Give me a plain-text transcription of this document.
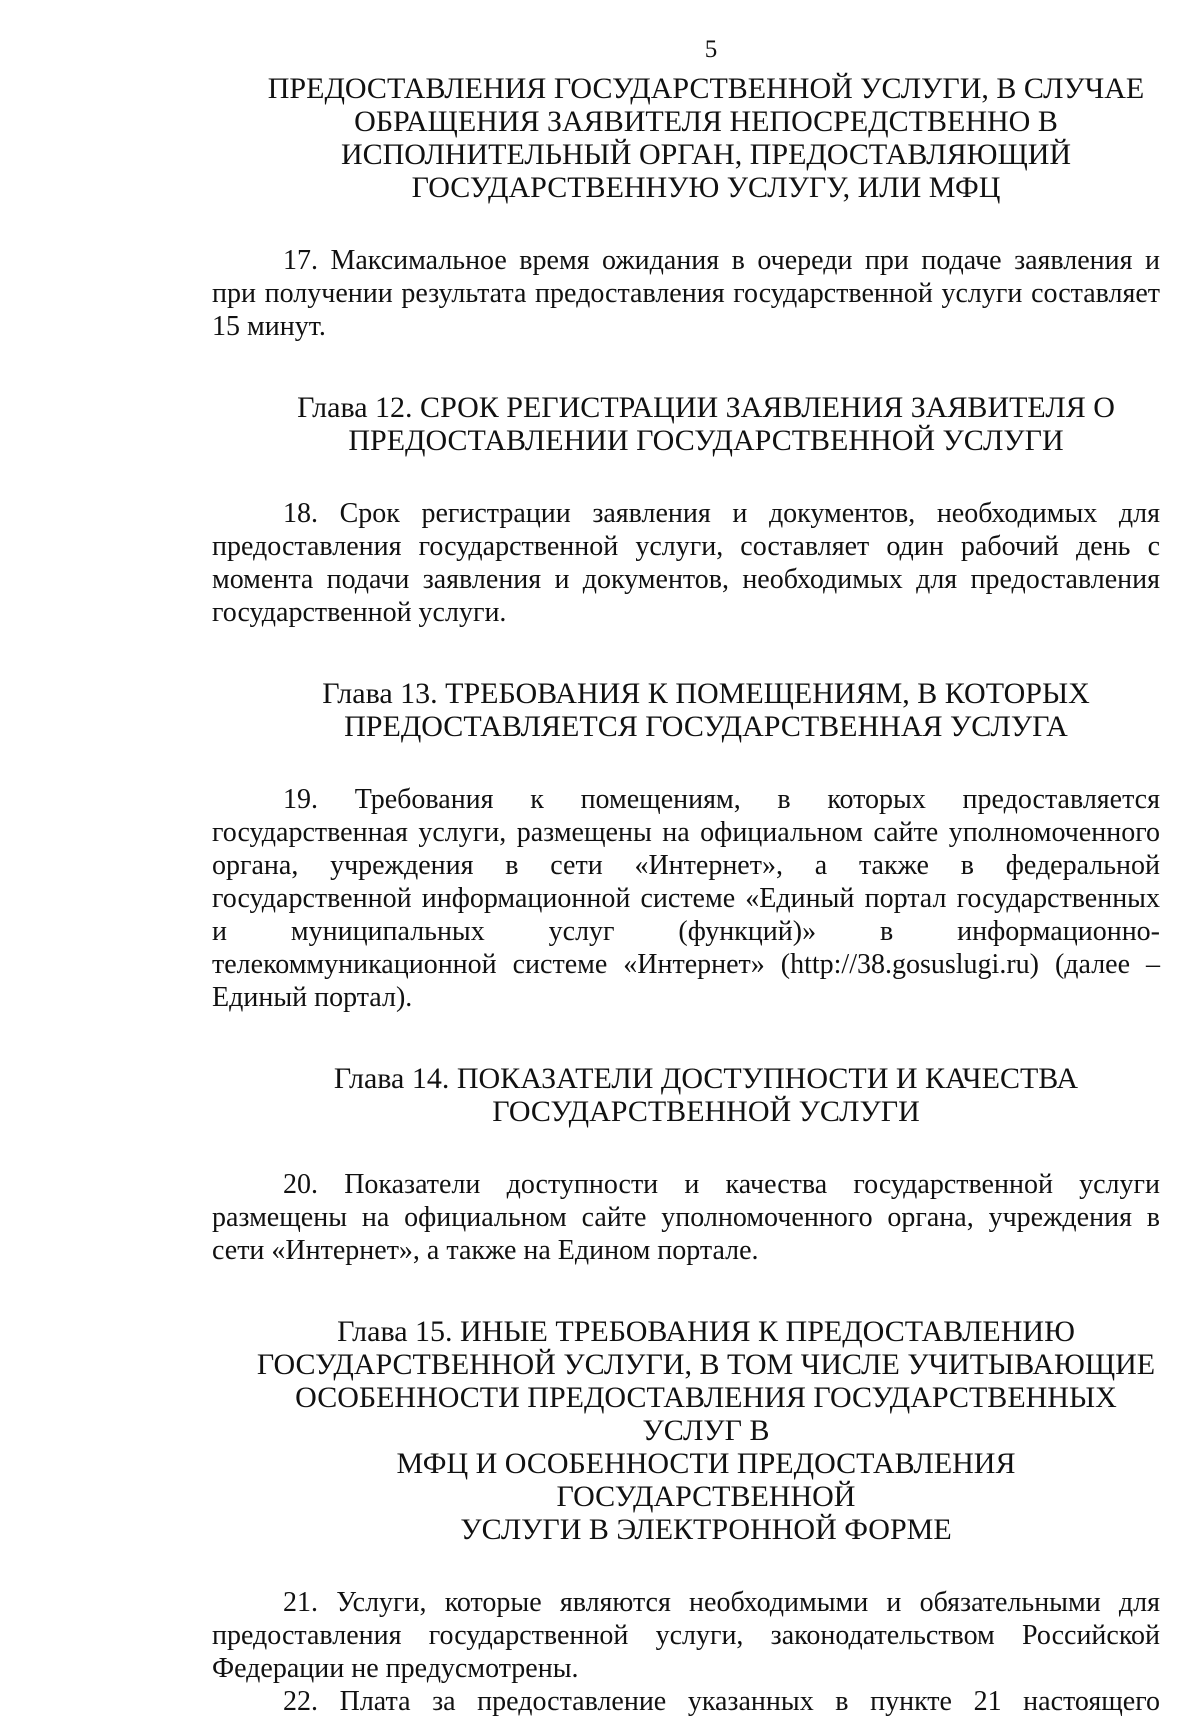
5
ПРЕДОСТАВЛЕНИЯ ГОСУДАРСТВЕННОЙ УСЛУГИ, В СЛУЧАЕ
ОБРАЩЕНИЯ ЗАЯВИТЕЛЯ НЕПОСРЕДСТВЕННО В
ИСПОЛНИТЕЛЬНЫЙ ОРГАН, ПРЕДОСТАВЛЯЮЩИЙ
ГОСУДАРСТВЕННУЮ УСЛУГУ, ИЛИ МФЦ

17. Максимальное время ожидания в очереди при подаче заявления и при получении результата предоставления государственной услуги составляет 15 минут.

Глава 12. СРОК РЕГИСТРАЦИИ ЗАЯВЛЕНИЯ ЗАЯВИТЕЛЯ О
ПРЕДОСТАВЛЕНИИ ГОСУДАРСТВЕННОЙ УСЛУГИ

18. Срок регистрации заявления и документов, необходимых для предоставления государственной услуги, составляет один рабочий день с момента подачи заявления и документов, необходимых для предоставления государственной услуги.

Глава 13. ТРЕБОВАНИЯ К ПОМЕЩЕНИЯМ, В КОТОРЫХ
ПРЕДОСТАВЛЯЕТСЯ ГОСУДАРСТВЕННАЯ УСЛУГА

19. Требования к помещениям, в которых предоставляется государственная услуги, размещены на официальном сайте уполномоченного органа, учреждения в сети «Интернет», а также в федеральной государственной информационной системе «Единый портал государственных и муниципальных услуг (функций)» в информационно-телекоммуникационной системе «Интернет» (http://38.gosuslugi.ru) (далее – Единый портал).

Глава 14. ПОКАЗАТЕЛИ ДОСТУПНОСТИ И КАЧЕСТВА
ГОСУДАРСТВЕННОЙ УСЛУГИ

20. Показатели доступности и качества государственной услуги размещены на официальном сайте уполномоченного органа, учреждения в сети «Интернет», а также на Едином портале.

Глава 15. ИНЫЕ ТРЕБОВАНИЯ К ПРЕДОСТАВЛЕНИЮ
ГОСУДАРСТВЕННОЙ УСЛУГИ, В ТОМ ЧИСЛЕ УЧИТЫВАЮЩИЕ
ОСОБЕННОСТИ ПРЕДОСТАВЛЕНИЯ ГОСУДАРСТВЕННЫХ УСЛУГ В
МФЦ И ОСОБЕННОСТИ ПРЕДОСТАВЛЕНИЯ ГОСУДАРСТВЕННОЙ
УСЛУГИ В ЭЛЕКТРОННОЙ ФОРМЕ

21. Услуги, которые являются необходимыми и обязательными для предоставления государственной услуги, законодательством Российской Федерации не предусмотрены.

22. Плата за предоставление указанных в пункте 21 настоящего
